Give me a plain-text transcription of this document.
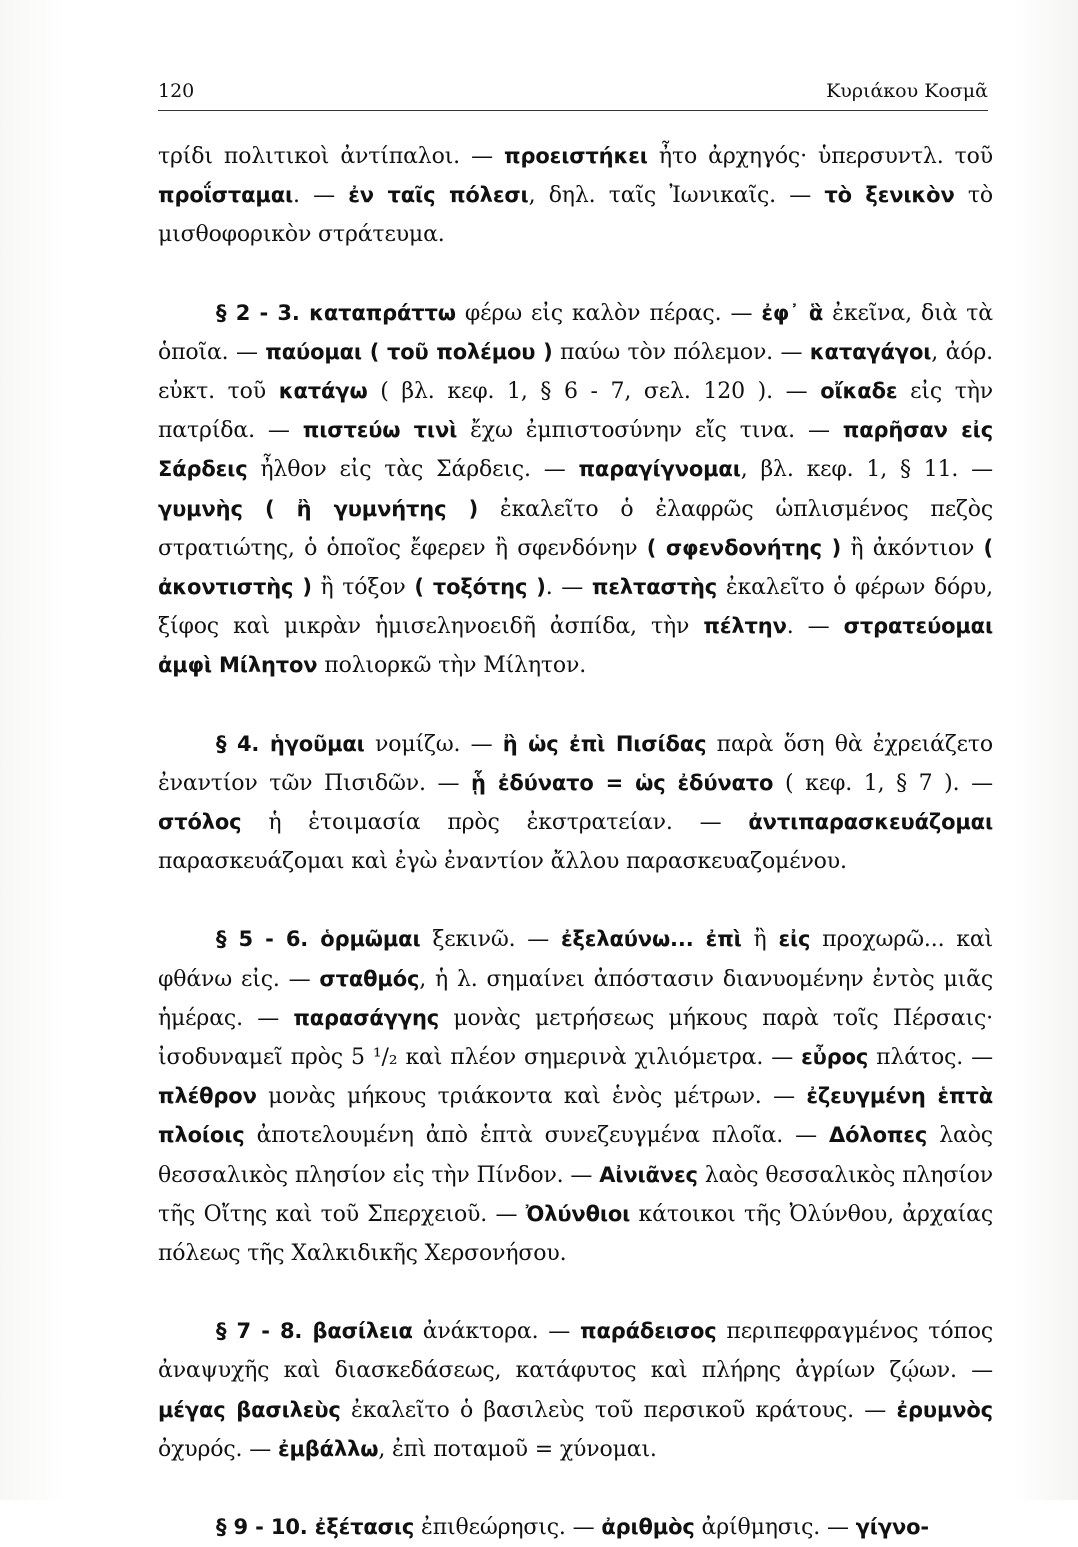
120	Κυριάκου Κοσμᾶ

τρίδι πολιτικοὶ ἀντίπαλοι. — προειστήκει ἦτο ἀρχηγός· ὑπερσυντλ. τοῦ προΐσταμαι. — ἐν ταῖς πόλεσι, δηλ. ταῖς Ἰωνικαῖς. — τὸ ξενικὸν τὸ μισθοφορικὸν στράτευμα.

§ 2 - 3. καταπράττω φέρω εἰς καλὸν πέρας. — ἐφ᾽ ἃ ἐκεῖνα, διὰ τὰ ὁποῖα. — παύομαι ( τοῦ πολέμου ) παύω τὸν πόλεμον. — καταγάγοι, ἀόρ. εὐκτ. τοῦ κατάγω ( βλ. κεφ. 1, § 6 - 7, σελ. 120 ). — οἴκαδε εἰς τὴν πατρίδα. — πιστεύω τινὶ ἔχω ἐμπιστοσύνην εἴς τινα. — παρῆσαν εἰς Σάρδεις ἦλθον εἰς τὰς Σάρδεις. — παραγίγνομαι, βλ. κεφ. 1, § 11. — γυμνὴς ( ἢ γυμνήτης ) ἐκαλεῖτο ὁ ἐλαφρῶς ὡπλισμένος πεζὸς στρατιώτης, ὁ ὁποῖος ἔφερεν ἢ σφενδόνην ( σφενδονήτης ) ἢ ἀκόντιον ( ἀκοντιστὴς ) ἢ τόξον ( τοξότης ). — πελταστὴς ἐκαλεῖτο ὁ φέρων δόρυ, ξίφος καὶ μικρὰν ἡμισεληνοειδῆ ἀσπίδα, τὴν πέλτην. — στρατεύομαι ἀμφὶ Μίλητον πολιορκῶ τὴν Μίλητον.

§ 4. ἡγοῦμαι νομίζω. — ἢ ὡς ἐπὶ Πισίδας παρὰ ὅση θὰ ἐχρειάζετο ἐναντίον τῶν Πισιδῶν. — ᾗ ἐδύνατο = ὡς ἐδύνατο ( κεφ. 1, § 7 ). — στόλος ἡ ἑτοιμασία πρὸς ἐκστρατείαν. — ἀντιπαρασκευάζομαι παρασκευάζομαι καὶ ἐγὼ ἐναντίον ἄλλου παρασκευαζομένου.

§ 5 - 6. ὁρμῶμαι ξεκινῶ. — ἐξελαύνω... ἐπὶ ἢ εἰς προχωρῶ... καὶ φθάνω εἰς. — σταθμός, ἡ λ. σημαίνει ἀπόστασιν διανυομένην ἐντὸς μιᾶς ἡμέρας. — παρασάγγης μονὰς μετρήσεως μήκους παρὰ τοῖς Πέρσαις· ἰσοδυναμεῖ πρὸς 5 ¹/₂ καὶ πλέον σημερινὰ χιλιόμετρα. — εὖρος πλάτος. — πλέθρον μονὰς μήκους τριάκοντα καὶ ἑνὸς μέτρων. — ἐζευγμένη ἑπτὰ πλοίοις ἀποτελουμένη ἀπὸ ἑπτὰ συνεζευγμένα πλοῖα. — Δόλοπες λαὸς θεσσαλικὸς πλησίον εἰς τὴν Πίνδον. — Αἰνιᾶνες λαὸς θεσσαλικὸς πλησίον τῆς Οἴτης καὶ τοῦ Σπερχειοῦ. — Ὀλύνθιοι κάτοικοι τῆς Ὀλύνθου, ἀρχαίας πόλεως τῆς Χαλκιδικῆς Χερσονήσου.

§ 7 - 8. βασίλεια ἀνάκτορα. — παράδεισος περιπεφραγμένος τόπος ἀναψυχῆς καὶ διασκεδάσεως, κατάφυτος καὶ πλήρης ἀγρίων ζῴων. — μέγας βασιλεὺς ἐκαλεῖτο ὁ βασιλεὺς τοῦ περσικοῦ κράτους. — ἐρυμνὸς ὀχυρός. — ἐμβάλλω, ἐπὶ ποταμοῦ = χύνομαι.

§ 9 - 10. ἐξέτασις ἐπιθεώρησις. — ἀριθμὸς ἀρίθμησις. — γίγνο-
